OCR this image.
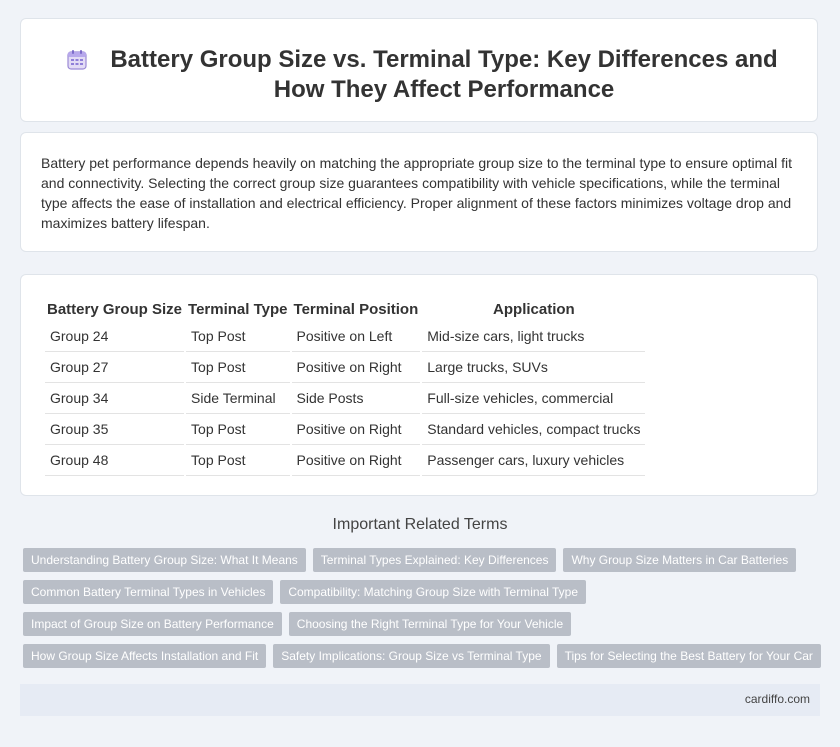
Battery Group Size vs. Terminal Type: Key Differences and How They Affect Performance

Battery pet performance depends heavily on matching the appropriate group size to the terminal type to ensure optimal fit and connectivity. Selecting the correct group size guarantees compatibility with vehicle specifications, while the terminal type affects the ease of installation and electrical efficiency. Proper alignment of these factors minimizes voltage drop and maximizes battery lifespan.

Battery Group Size	Terminal Type	Terminal Position	Application
Group 24	Top Post	Positive on Left	Mid-size cars, light trucks
Group 27	Top Post	Positive on Right	Large trucks, SUVs
Group 34	Side Terminal	Side Posts	Full-size vehicles, commercial
Group 35	Top Post	Positive on Right	Standard vehicles, compact trucks
Group 48	Top Post	Positive on Right	Passenger cars, luxury vehicles
Important Related Terms
Understanding Battery Group Size: What It Means	Terminal Types Explained: Key Differences	Why Group Size Matters in Car Batteries
Common Battery Terminal Types in Vehicles	Compatibility: Matching Group Size with Terminal Type
Impact of Group Size on Battery Performance	Choosing the Right Terminal Type for Your Vehicle
How Group Size Affects Installation and Fit	Safety Implications: Group Size vs Terminal Type	Tips for Selecting the Best Battery for Your Car
cardiffo.com
